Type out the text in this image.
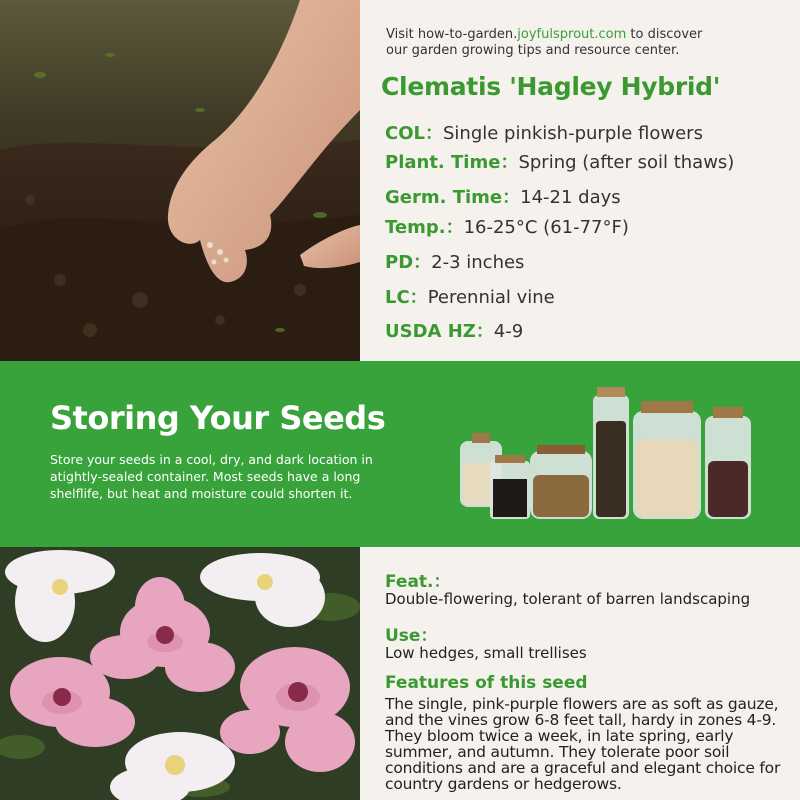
Visit how-to-garden.joyfulsprout.com to discover
our garden growing tips and resource center.
Clematis 'Hagley Hybrid'
COL：Single pinkish-purple flowers
Plant. Time：Spring (after soil thaws)
Germ. Time：14-21 days
Temp.：16-25°C (61-77°F)
PD：2-3 inches
LC：Perennial vine
USDA HZ：4-9
Storing Your Seeds
Store your seeds in a cool, dry, and dark location in atightly-sealed container. Most seeds have a long shelflife, but heat and moisture could shorten it.
Feat.：
Double-flowering, tolerant of barren landscaping
Use：
Low hedges, small trellises
Features of this seed
The single, pink-purple flowers are as soft as gauze, and the vines grow 6-8 feet tall, hardy in zones 4-9. They bloom twice a week, in late spring, early summer, and autumn. They tolerate poor soil conditions and are a graceful and elegant choice for country gardens or hedgerows.
